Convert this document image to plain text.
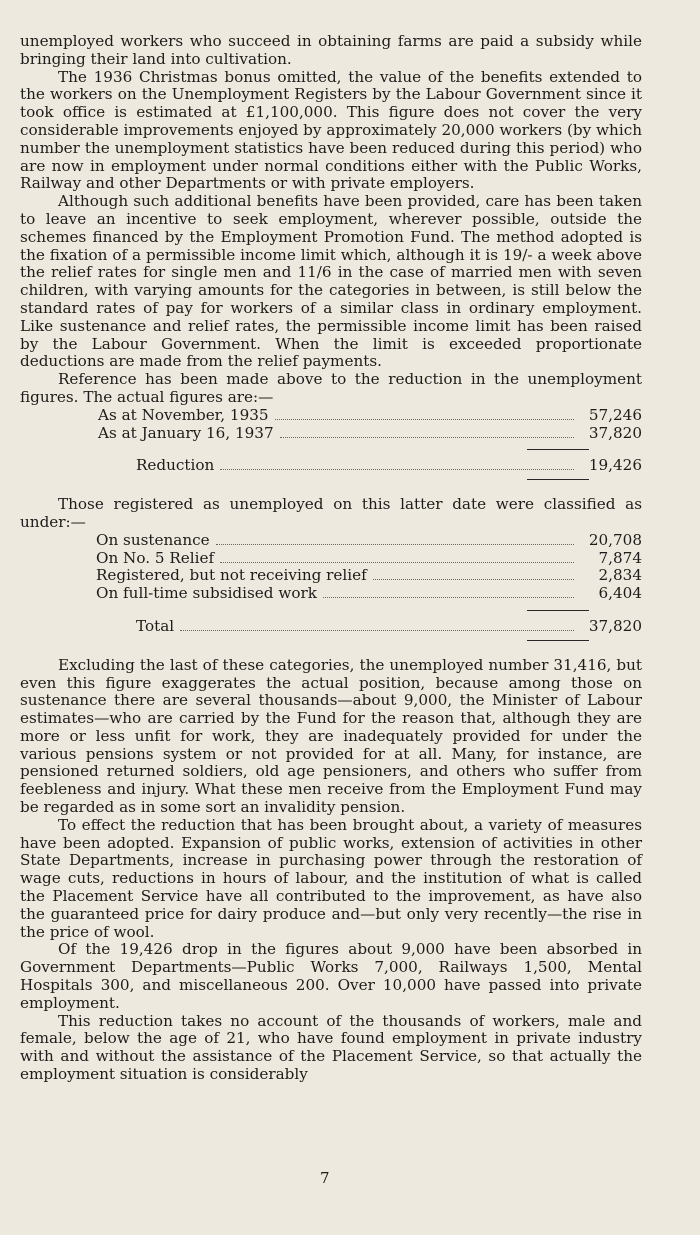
unemployed workers who succeed in obtaining farms are paid a subsidy while bringing their land into cultivation.

The 1936 Christmas bonus omitted, the value of the benefits extended to the workers on the Unemployment Registers by the Labour Government since it took office is estimated at £1,100,000. This figure does not cover the very considerable improvements enjoyed by approximately 20,000 workers (by which number the unemployment statistics have been reduced during this period) who are now in employment under normal conditions either with the Public Works, Railway and other Departments or with private employers.

Although such additional benefits have been provided, care has been taken to leave an incentive to seek employment, wherever possible, outside the schemes financed by the Employment Promotion Fund. The method adopted is the fixation of a permissible income limit which, although it is 19/- a week above the relief rates for single men and 11/6 in the case of married men with seven children, with varying amounts for the categories in between, is still below the standard rates of pay for workers of a similar class in ordinary employment. Like sustenance and relief rates, the permissible income limit has been raised by the Labour Government. When the limit is exceeded proportionate deductions are made from the relief payments.

Reference has been made above to the reduction in the unemployment figures. The actual figures are:—

As at November, 1935	57,246
As at January 16, 1937	37,820
Reduction	19,426

Those registered as unemployed on this latter date were classified as under:—

On sustenance	20,708
On No. 5 Relief	7,874
Registered, but not receiving relief	2,834
On full-time subsidised work	6,404
Total	37,820

Excluding the last of these categories, the unemployed number 31,416, but even this figure exaggerates the actual position, because among those on sustenance there are several thousands—about 9,000, the Minister of Labour estimates—who are carried by the Fund for the reason that, although they are more or less unfit for work, they are inadequately provided for under the various pensions system or not provided for at all. Many, for instance, are pensioned returned soldiers, old age pensioners, and others who suffer from feebleness and injury. What these men receive from the Employment Fund may be regarded as in some sort an invalidity pension.

To effect the reduction that has been brought about, a variety of measures have been adopted. Expansion of public works, extension of activities in other State Departments, increase in purchasing power through the restoration of wage cuts, reductions in hours of labour, and the institution of what is called the Placement Service have all contributed to the improvement, as have also the guaranteed price for dairy produce and—but only very recently—the rise in the price of wool.

Of the 19,426 drop in the figures about 9,000 have been absorbed in Government Departments—Public Works 7,000, Railways 1,500, Mental Hospitals 300, and miscellaneous 200. Over 10,000 have passed into private employment.

This reduction takes no account of the thousands of workers, male and female, below the age of 21, who have found employment in private industry with and without the assistance of the Placement Service, so that actually the employment situation is considerably

7
